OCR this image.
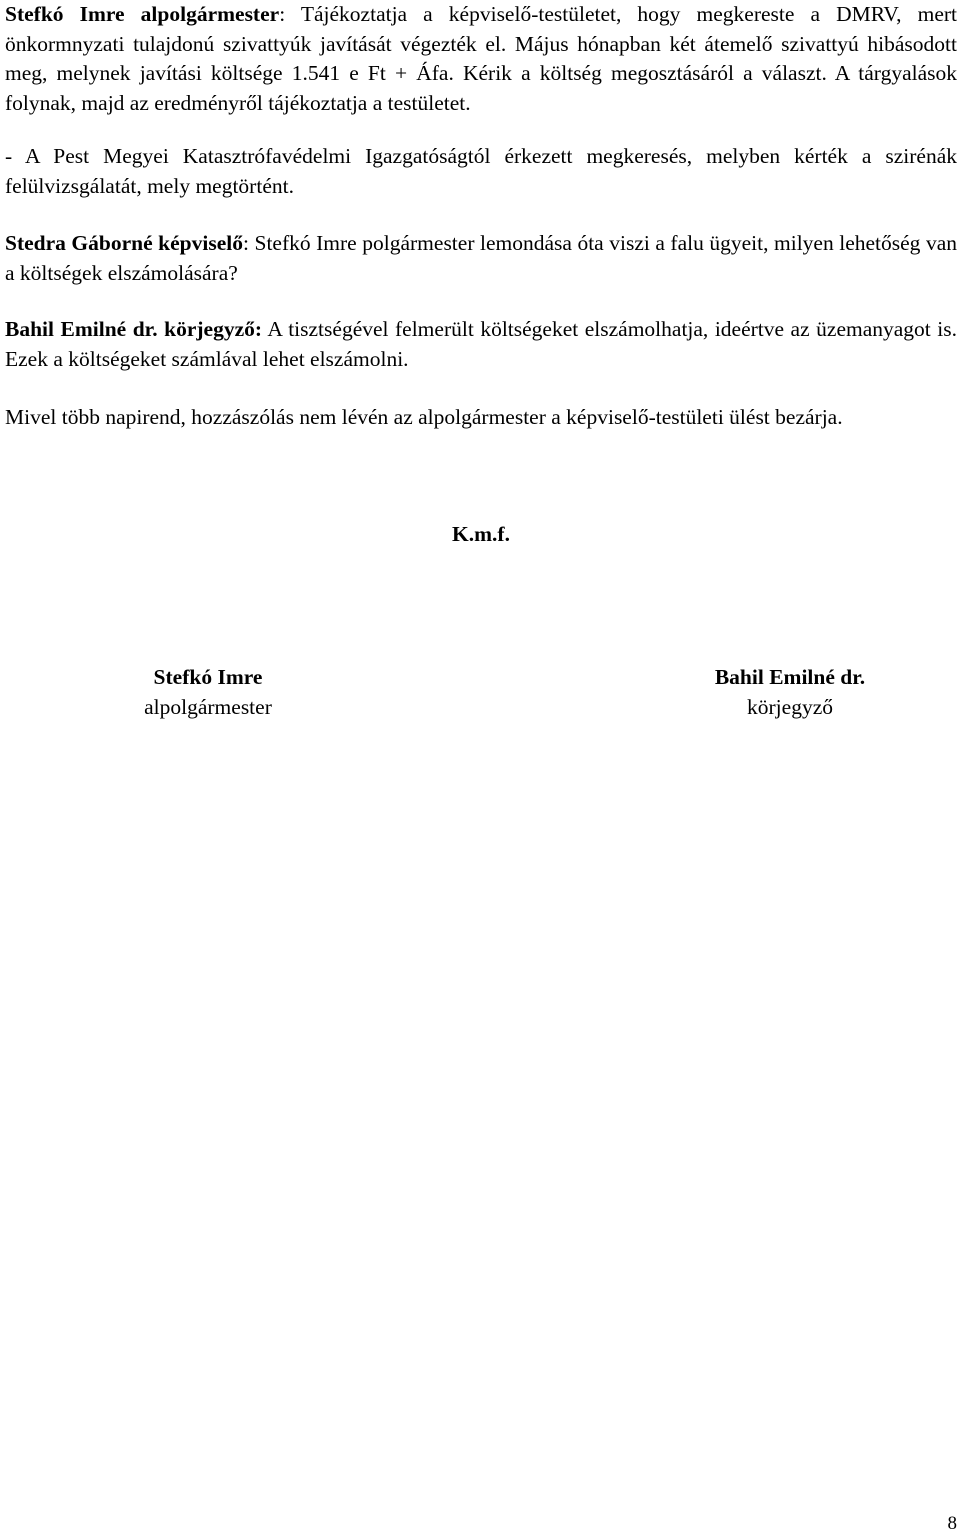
Stefkó Imre alpolgármester: Tájékoztatja a képviselő-testületet, hogy megkereste a DMRV, mert önkormnyzati tulajdonú szivattyúk javítását végezték el. Május hónapban két átemelő szivattyú hibásodott meg, melynek javítási költsége 1.541 e Ft + Áfa. Kérik a költség megosztásáról a választ. A tárgyalások folynak, majd az eredményről tájékoztatja a testületet.

- A Pest Megyei Katasztrófavédelmi Igazgatóságtól érkezett megkeresés, melyben kérték a szirénák felülvizsgálatát, mely megtörtént.

Stedra Gáborné képviselő: Stefkó Imre polgármester lemondása óta viszi a falu ügyeit, milyen lehetőség van a költségek elszámolására?

Bahil Emilné dr. körjegyző: A tisztségével felmerült költségeket elszámolhatja, ideértve az üzemanyagot is. Ezek a költségeket számlával lehet elszámolni.

Mivel több napirend, hozzászólás nem lévén az alpolgármester a képviselő-testületi ülést bezárja.

K.m.f.
Stefkó Imre
alpolgármester
Bahil Emilné dr.
körjegyző
8
